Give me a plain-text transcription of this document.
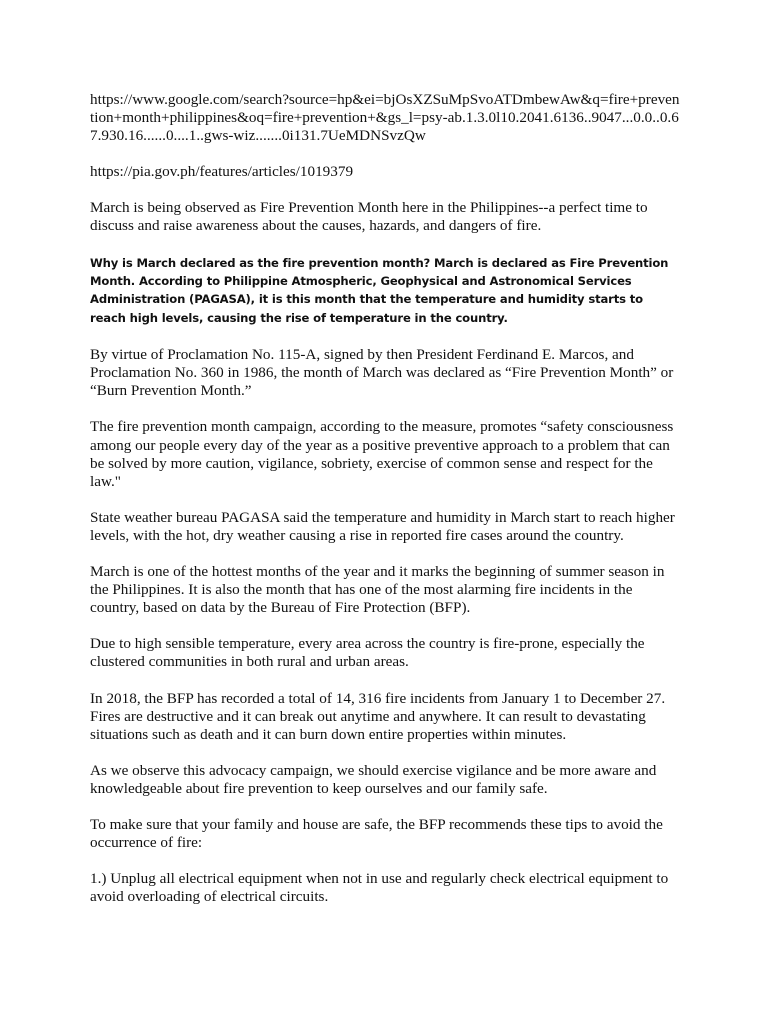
https://www.google.com/search?source=hp&ei=bjOsXZSuMpSvoATDmbewAw&q=fire+prevention+month+philippines&oq=fire+prevention+&gs_l=psy-ab.1.3.0l10.2041.6136..9047...0.0..0.67.930.16......0....1..gws-wiz.......0i131.7UeMDNSvzQw

https://pia.gov.ph/features/articles/1019379

March is being observed as Fire Prevention Month here in the Philippines--a perfect time to discuss and raise awareness about the causes, hazards, and dangers of fire.

Why is March declared as the fire prevention month? March is declared as Fire Prevention Month. According to Philippine Atmospheric, Geophysical and Astronomical Services Administration (PAGASA), it is this month that the temperature and humidity starts to reach high levels, causing the rise of temperature in the country.

By virtue of Proclamation No. 115-A, signed by then President Ferdinand E. Marcos, and Proclamation No. 360 in 1986, the month of March was declared as “Fire Prevention Month” or “Burn Prevention Month.”

The fire prevention month campaign, according to the measure, promotes “safety consciousness among our people every day of the year as a positive preventive approach to a problem that can be solved by more caution, vigilance, sobriety, exercise of common sense and respect for the law."

State weather bureau PAGASA said the temperature and humidity in March start to reach higher levels, with the hot, dry weather causing a rise in reported fire cases around the country.

March is one of the hottest months of the year and it marks the beginning of summer season in the Philippines. It is also the month that has one of the most alarming fire incidents in the country, based on data by the Bureau of Fire Protection (BFP).

Due to high sensible temperature, every area across the country is fire-prone, especially the clustered communities in both rural and urban areas.

In 2018, the BFP has recorded a total of 14, 316 fire incidents from January 1 to December 27. Fires are destructive and it can break out anytime and anywhere. It can result to devastating situations such as death and it can burn down entire properties within minutes.

As we observe this advocacy campaign, we should exercise vigilance and be more aware and knowledgeable about fire prevention to keep ourselves and our family safe.

To make sure that your family and house are safe, the BFP recommends these tips to avoid the occurrence of fire:

1.) Unplug all electrical equipment when not in use and regularly check electrical equipment to avoid overloading of electrical circuits.
